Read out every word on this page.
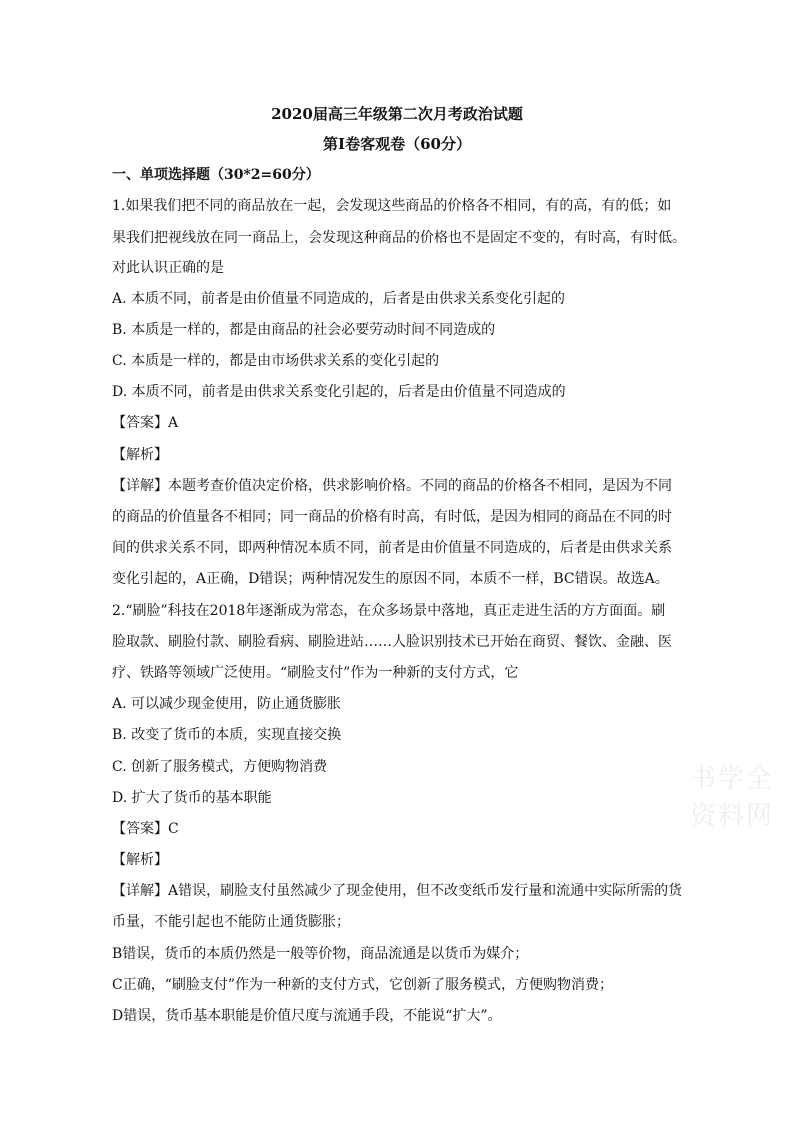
2020届高三年级第二次月考政治试题
第Ⅰ卷客观卷（60分）
一、单项选择题（30*2=60分）
1.如果我们把不同的商品放在一起，会发现这些商品的价格各不相同，有的高，有的低；如
果我们把视线放在同一商品上，会发现这种商品的价格也不是固定不变的，有时高，有时低。
对此认识正确的是
A. 本质不同，前者是由价值量不同造成的，后者是由供求关系变化引起的
B. 本质是一样的，都是由商品的社会必要劳动时间不同造成的
C. 本质是一样的，都是由市场供求关系的变化引起的
D. 本质不同，前者是由供求关系变化引起的，后者是由价值量不同造成的
【答案】A
【解析】
【详解】本题考查价值决定价格，供求影响价格。不同的商品的价格各不相同，是因为不同
的商品的价值量各不相同；同一商品的价格有时高，有时低，是因为相同的商品在不同的时
间的供求关系不同，即两种情况本质不同，前者是由价值量不同造成的，后者是由供求关系
变化引起的，A正确，D错误；两种情况发生的原因不同，本质不一样，BC错误。故选A。
2.“刷脸”科技在2018年逐渐成为常态，在众多场景中落地，真正走进生活的方方面面。刷
脸取款、刷脸付款、刷脸看病、刷脸进站……人脸识别技术已开始在商贸、餐饮、金融、医
疗、铁路等领域广泛使用。“刷脸支付”作为一种新的支付方式，它
A. 可以减少现金使用，防止通货膨胀
B. 改变了货币的本质，实现直接交换
C. 创新了服务模式，方便购物消费
D. 扩大了货币的基本职能
【答案】C
【解析】
【详解】A错误，刷脸支付虽然减少了现金使用，但不改变纸币发行量和流通中实际所需的货
币量，不能引起也不能防止通货膨胀；
B错误，货币的本质仍然是一般等价物，商品流通是以货币为媒介；
C正确，“刷脸支付”作为一种新的支付方式，它创新了服务模式，方便购物消费；
D错误，货币基本职能是价值尺度与流通手段，不能说“扩大”。
书学全资料网
